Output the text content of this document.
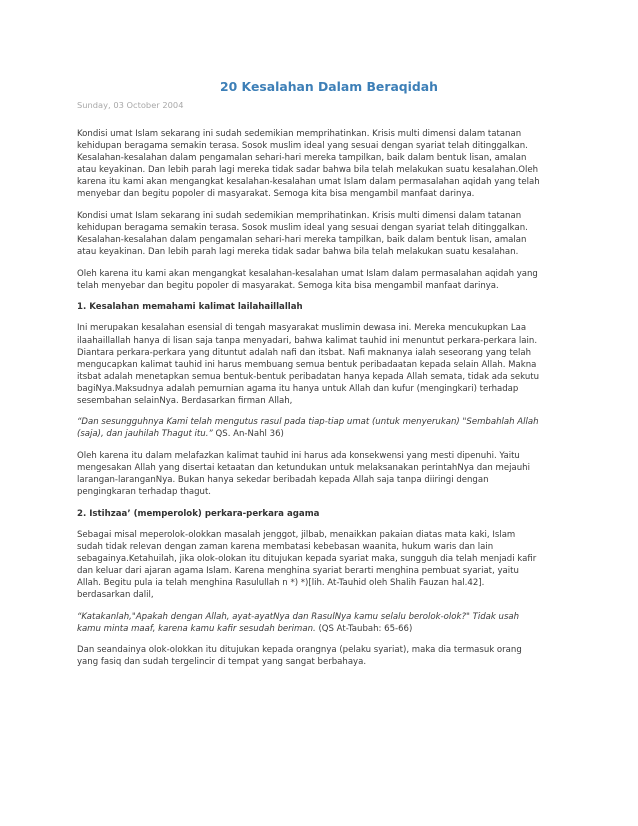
20 Kesalahan Dalam Beraqidah
Sunday, 03 October 2004
Kondisi umat Islam sekarang ini sudah sedemikian memprihatinkan. Krisis multi dimensi dalam tatanan
kehidupan beragama semakin terasa. Sosok muslim ideal yang sesuai dengan syariat telah ditinggalkan.
Kesalahan-kesalahan dalam pengamalan sehari-hari mereka tampilkan, baik dalam bentuk lisan, amalan
atau keyakinan. Dan lebih parah lagi mereka tidak sadar bahwa bila telah melakukan suatu kesalahan.Oleh
karena itu kami akan mengangkat kesalahan-kesalahan umat Islam dalam permasalahan aqidah yang telah
menyebar dan begitu popoler di masyarakat. Semoga kita bisa mengambil manfaat darinya.
Kondisi umat Islam sekarang ini sudah sedemikian memprihatinkan. Krisis multi dimensi dalam tatanan
kehidupan beragama semakin terasa. Sosok muslim ideal yang sesuai dengan syariat telah ditinggalkan.
Kesalahan-kesalahan dalam pengamalan sehari-hari mereka tampilkan, baik dalam bentuk lisan, amalan
atau keyakinan. Dan lebih parah lagi mereka tidak sadar bahwa bila telah melakukan suatu kesalahan.
Oleh karena itu kami akan mengangkat kesalahan-kesalahan umat Islam dalam permasalahan aqidah yang
telah menyebar dan begitu popoler di masyarakat. Semoga kita bisa mengambil manfaat darinya.
1. Kesalahan memahami kalimat lailahaillallah
Ini merupakan kesalahan esensial di tengah masyarakat muslimin dewasa ini. Mereka mencukupkan Laa
ilaahaillallah hanya di lisan saja tanpa menyadari, bahwa kalimat tauhid ini menuntut perkara-perkara lain.
Diantara perkara-perkara yang dituntut adalah nafi dan itsbat. Nafi maknanya ialah seseorang yang telah
mengucapkan kalimat tauhid ini harus membuang semua bentuk peribadaatan kepada selain Allah. Makna
itsbat adalah menetapkan semua bentuk-bentuk peribadatan hanya kepada Allah semata, tidak ada sekutu
bagiNya.Maksudnya adalah pemurnian agama itu hanya untuk Allah dan kufur (mengingkari) terhadap
sesembahan selainNya. Berdasarkan firman Allah,
“Dan sesungguhnya Kami telah mengutus rasul pada tiap-tiap umat (untuk menyerukan) "Sembahlah Allah
(saja), dan jauhilah Thagut itu.” QS. An-Nahl 36)
Oleh karena itu dalam melafazkan kalimat tauhid ini harus ada konsekwensi yang mesti dipenuhi. Yaitu
mengesakan Allah yang disertai ketaatan dan ketundukan untuk melaksanakan perintahNya dan mejauhi
larangan-laranganNya. Bukan hanya sekedar beribadah kepada Allah saja tanpa diiringi dengan
pengingkaran terhadap thagut.
2. Istihzaa’ (memperolok) perkara-perkara agama
Sebagai misal meperolok-olokkan masalah jenggot, jilbab, menaikkan pakaian diatas mata kaki, Islam
sudah tidak relevan dengan zaman karena membatasi kebebasan waanita, hukum waris dan lain
sebagainya.Ketahuilah, jika olok-olokan itu ditujukan kepada syariat maka, sungguh dia telah menjadi kafir
dan keluar dari ajaran agama Islam. Karena menghina syariat berarti menghina pembuat syariat, yaitu
Allah. Begitu pula ia telah menghina Rasulullah n *) *)[lih. At-Tauhid oleh Shalih Fauzan hal.42].
berdasarkan dalil,
“Katakanlah,"Apakah dengan Allah, ayat-ayatNya dan RasulNya kamu selalu berolok-olok?" Tidak usah
kamu minta maaf, karena kamu kafir sesudah beriman. (QS At-Taubah: 65-66)
Dan seandainya olok-olokkan itu ditujukan kepada orangnya (pelaku syariat), maka dia termasuk orang
yang fasiq dan sudah tergelincir di tempat yang sangat berbahaya.
